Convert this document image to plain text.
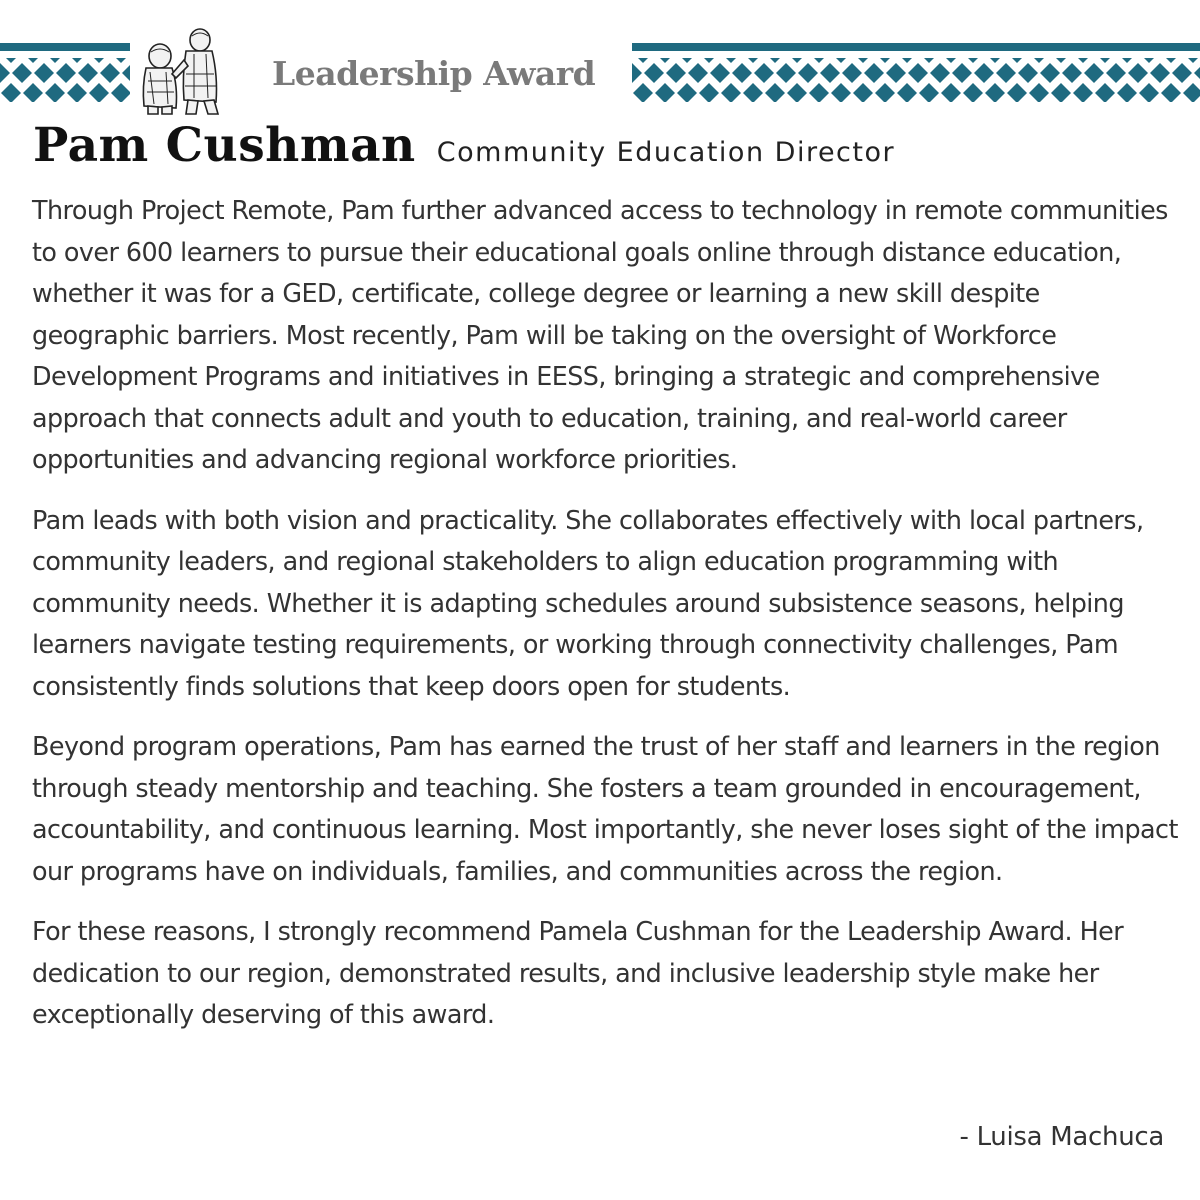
Leadership Award
Pam Cushman Community Education Director

Through Project Remote, Pam further advanced access to technology in remote communities to over 600 learners to pursue their educational goals online through distance education, whether it was for a GED, certificate, college degree or learning a new skill despite geographic barriers. Most recently, Pam will be taking on the oversight of Workforce Development Programs and initiatives in EESS, bringing a strategic and comprehensive approach that connects adult and youth to education, training, and real‑world career opportunities and advancing regional workforce priorities.

Pam leads with both vision and practicality. She collaborates effectively with local partners, community leaders, and regional stakeholders to align education programming with community needs. Whether it is adapting schedules around subsistence seasons, helping learners navigate testing requirements, or working through connectivity challenges, Pam consistently finds solutions that keep doors open for students.

Beyond program operations, Pam has earned the trust of her staff and learners in the region through steady mentorship and teaching. She fosters a team grounded in encouragement, accountability, and continuous learning. Most importantly, she never loses sight of the impact our programs have on individuals, families, and communities across the region.

For these reasons, I strongly recommend Pamela Cushman for the Leadership Award. Her dedication to our region, demonstrated results, and inclusive leadership style make her exceptionally deserving of this award.

- Luisa Machuca
